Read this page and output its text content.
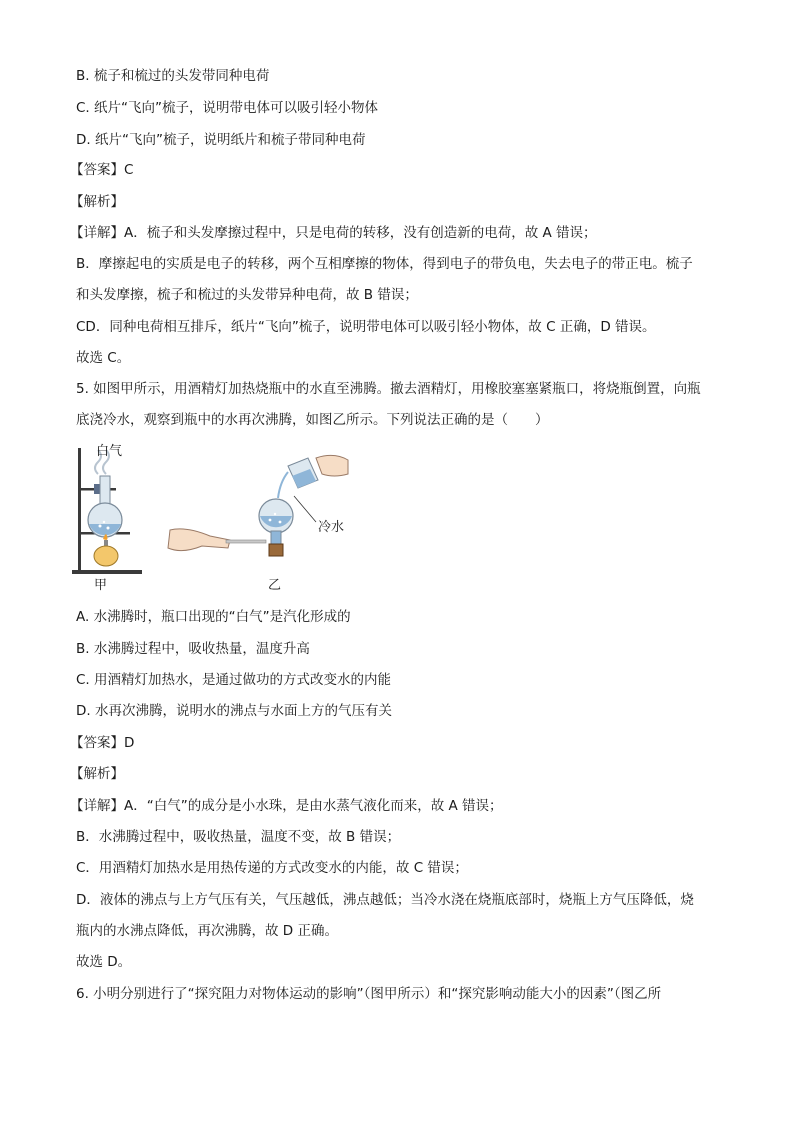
B. 梳子和梳过的头发带同种电荷
C. 纸片“飞向”梳子，说明带电体可以吸引轻小物体
D. 纸片“飞向”梳子，说明纸片和梳子带同种电荷
【答案】C
【解析】
【详解】A．梳子和头发摩擦过程中，只是电荷的转移，没有创造新的电荷，故 A 错误；
B．摩擦起电的实质是电子的转移，两个互相摩擦的物体，得到电子的带负电，失去电子的带正电。梳子
和头发摩擦，梳子和梳过的头发带异种电荷，故 B 错误；
CD．同种电荷相互排斥，纸片“飞向”梳子，说明带电体可以吸引轻小物体，故 C 正确，D 错误。
故选 C。
5. 如图甲所示，用酒精灯加热烧瓶中的水直至沸腾。撤去酒精灯，用橡胶塞塞紧瓶口，将烧瓶倒置，向瓶
底浇冷水，观察到瓶中的水再次沸腾，如图乙所示。下列说法正确的是（　　）
白气
甲
冷水
乙
A. 水沸腾时，瓶口出现的“白气”是汽化形成的
B. 水沸腾过程中，吸收热量，温度升高
C. 用酒精灯加热水，是通过做功的方式改变水的内能
D. 水再次沸腾，说明水的沸点与水面上方的气压有关
【答案】D
【解析】
【详解】A．“白气”的成分是小水珠，是由水蒸气液化而来，故 A 错误；
B．水沸腾过程中，吸收热量，温度不变，故 B 错误；
C．用酒精灯加热水是用热传递的方式改变水的内能，故 C 错误；
D．液体的沸点与上方气压有关，气压越低，沸点越低；当冷水浇在烧瓶底部时，烧瓶上方气压降低，烧
瓶内的水沸点降低，再次沸腾，故 D 正确。
故选 D。
6. 小明分别进行了“探究阻力对物体运动的影响”（图甲所示）和“探究影响动能大小的因素”（图乙所
